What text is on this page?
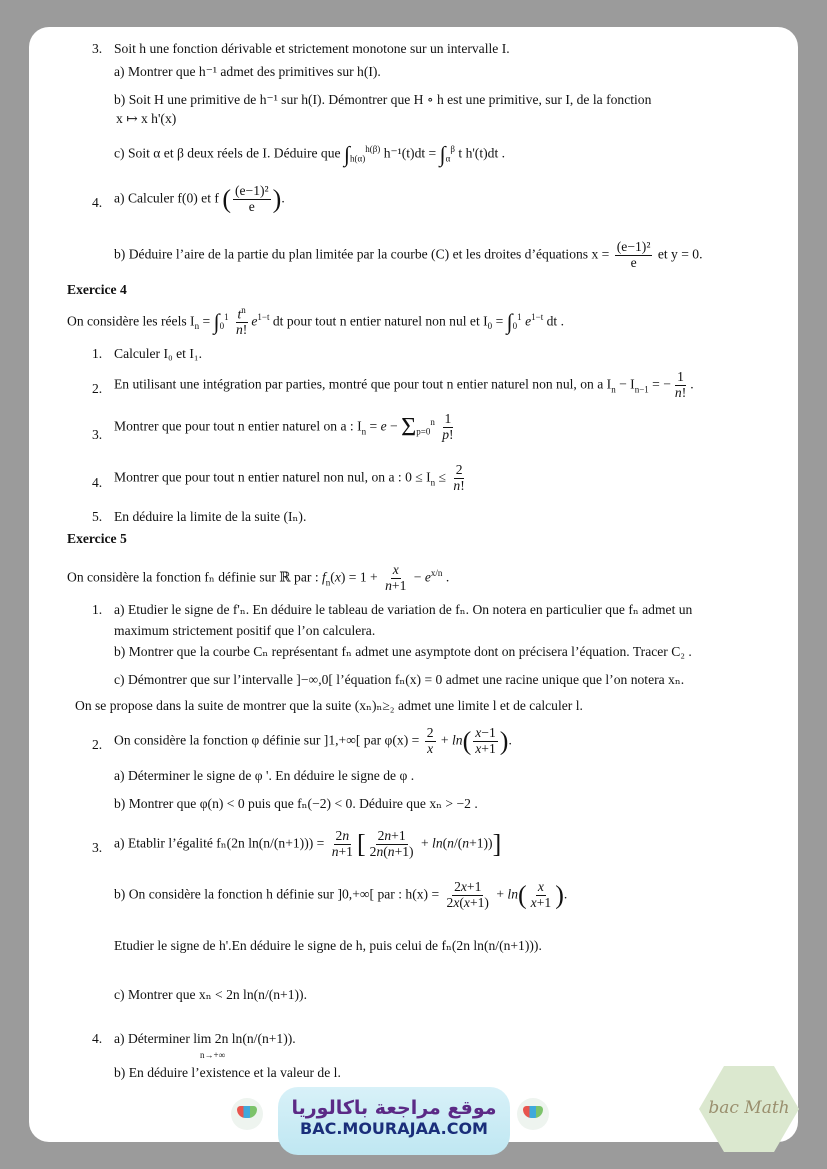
3. Soit h une fonction dérivable et strictement monotone sur un intervalle I.
a) Montrer que h⁻¹ admet des primitives sur h(I).
b) Soit H une primitive de h⁻¹ sur h(I). Démontrer que H ∘ h est une primitive, sur I, de la fonction
x ↦ x h'(x)
c) Soit α et β deux réels de I. Déduire que $\int_{h(\alpha)}^{h(\beta)}$ $h^{-1}(t)dt = \int_\alpha^\beta$ t h'(t)dt .
4. a) Calculer f(0) et f ( $\frac{\text{(e−1)²}}{e}$ ).
b) Déduire l’aire de la partie du plan limitée par la courbe (C) et les droites d’équations $x = \frac{\text{(e−1)²}}{e}$ et y = 0.
Exercice 4
On considère les réels $I_n = \int_0^1 \frac{t^n}{n!} e^{1-t}$ dt pour tout n entier naturel non nul et $I_0 = \int_0^1$ $e^{1-t}$ dt .
1. Calculer I₀ et I₁.
2. En utilisant une intégration par parties, montré que pour tout n entier naturel non nul, on a $I_n - I_{n-1}$ = − $\frac{1}{n!}$ .
3.
Montrer que pour tout n entier naturel on a : $I_n = e - \Sigma_{p=0}^n \frac{1}{p!}$
4. Montrer que pour tout n entier naturel non nul, on a : $0 \le I_n \le \frac{2}{n!}$
5. En déduire la limite de la suite (Iₙ).
Exercice 5
On considère la fonction fₙ définie sur ℝ par : $f_n(x) = 1 + \frac{x}{n+1} - e^{x/n}$ .
1. a) Etudier le signe de f'ₙ. En déduire le tableau de variation de fₙ. On notera en particulier que fₙ admet un
maximum strictement positif que l’on calculera.
b) Montrer que la courbe Cₙ représentant fₙ admet une asymptote dont on précisera l’équation. Tracer C₂ .
c) Démontrer que sur l’intervalle ]−∞,0[ l’équation fₙ(x) = 0 admet une racine unique que l’on notera xₙ.
On se propose dans la suite de montrer que la suite (xₙ)ₙ≥₂ admet une limite l et de calculer l.
2. On considère la fonction φ définie sur ]1,+∞[ par $\varphi(x) = \frac{2}{x} + \ln( \frac{x-1}{x+1}$ ).
a) Déterminer le signe de φ '. En déduire le signe de φ .
b) Montrer que φ(n) < 0 puis que fₙ(−2) < 0. Déduire que xₙ > −2 .
3. a) Etablir l’égalité fₙ(2n $\ln(n/(n+1))) = \frac{2n}{n+1}$ [ $\frac{2n+1}{2n(n+1)} + \ln(n/(n+1))$]
b) On considère la fonction h définie sur ]0,+∞[ par : $h(x) = \frac{2x+1}{2x(x+1)} + \ln( \frac{x}{x+1}$ ).
Etudier le signe de h'.En déduire le signe de h, puis celui de fₙ(2n ln(n/(n+1))).
c) Montrer que xₙ < 2n ln(n/(n+1)).
4. a) Déterminer lim 2n ln(n/(n+1)).
n→+∞
b) En déduire l’existence et la valeur de l.
موقع مراجعة باكالوريا
BAC.MOURAJAA.COM
bac Math
